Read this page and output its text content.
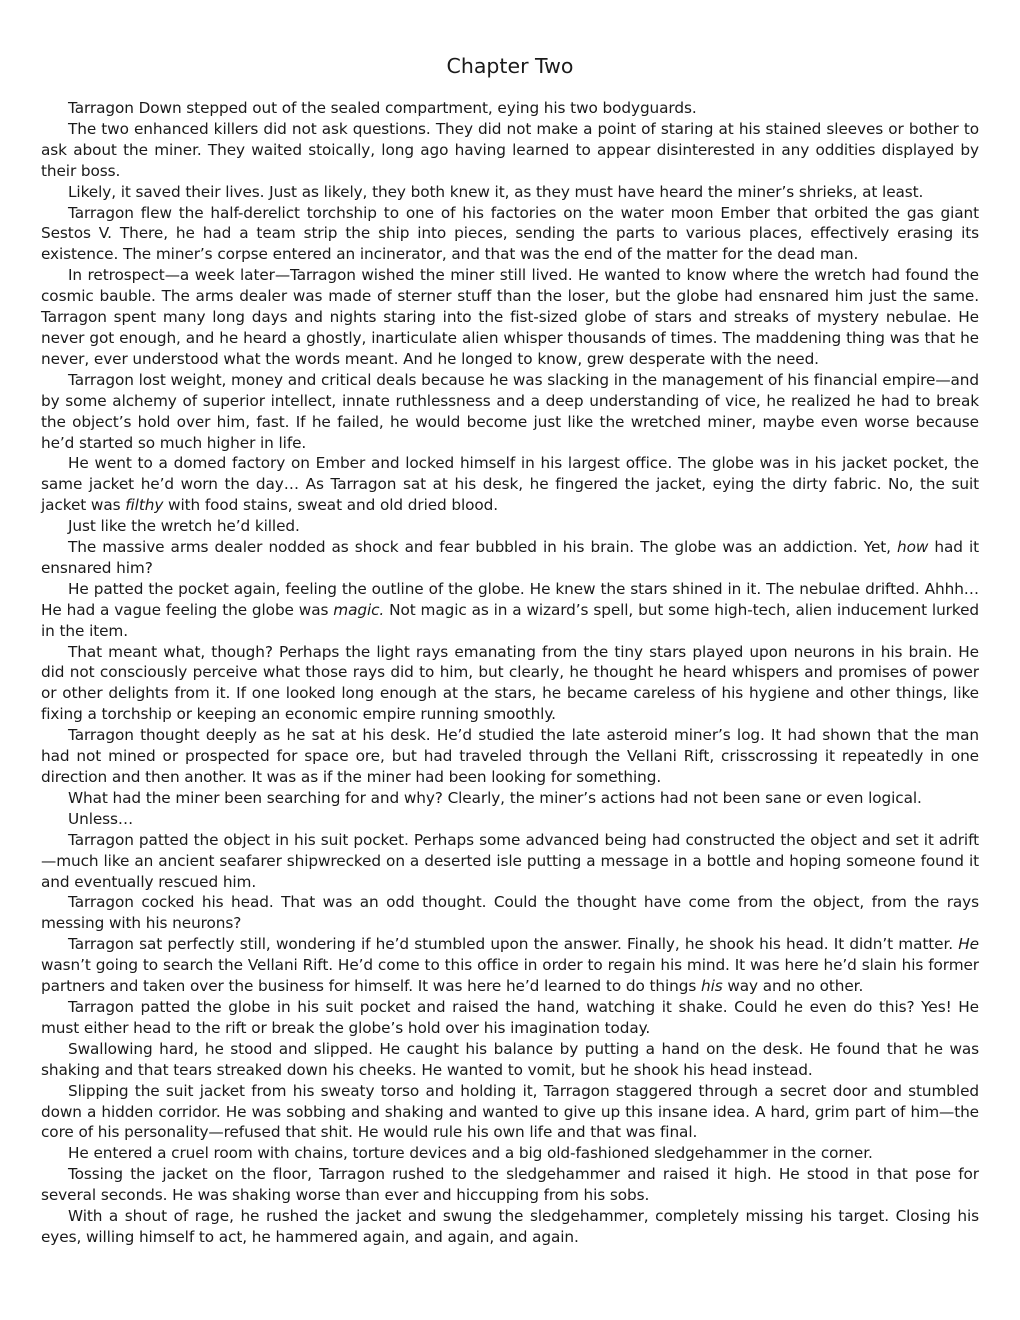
Chapter Two

Tarragon Down stepped out of the sealed compartment, eying his two bodyguards.

The two enhanced killers did not ask questions. They did not make a point of staring at his stained sleeves or bother to ask about the miner. They waited stoically, long ago having learned to appear disinterested in any oddities displayed by their boss.

Likely, it saved their lives. Just as likely, they both knew it, as they must have heard the miner’s shrieks, at least.

Tarragon flew the half-derelict torchship to one of his factories on the water moon Ember that orbited the gas giant Sestos V. There, he had a team strip the ship into pieces, sending the parts to various places, effectively erasing its existence. The miner’s corpse entered an incinerator, and that was the end of the matter for the dead man.

In retrospect—a week later—Tarragon wished the miner still lived. He wanted to know where the wretch had found the cosmic bauble. The arms dealer was made of sterner stuff than the loser, but the globe had ensnared him just the same. Tarragon spent many long days and nights staring into the fist-sized globe of stars and streaks of mystery nebulae. He never got enough, and he heard a ghostly, inarticulate alien whisper thousands of times. The maddening thing was that he never, ever understood what the words meant. And he longed to know, grew desperate with the need.

Tarragon lost weight, money and critical deals because he was slacking in the management of his financial empire—and by some alchemy of superior intellect, innate ruthlessness and a deep understanding of vice, he realized he had to break the object’s hold over him, fast. If he failed, he would become just like the wretched miner, maybe even worse because he’d started so much higher in life.

He went to a domed factory on Ember and locked himself in his largest office. The globe was in his jacket pocket, the same jacket he’d worn the day… As Tarragon sat at his desk, he fingered the jacket, eying the dirty fabric. No, the suit jacket was filthy with food stains, sweat and old dried blood.

Just like the wretch he’d killed.

The massive arms dealer nodded as shock and fear bubbled in his brain. The globe was an addiction. Yet, how had it ensnared him?

He patted the pocket again, feeling the outline of the globe. He knew the stars shined in it. The nebulae drifted. Ahhh… He had a vague feeling the globe was magic. Not magic as in a wizard’s spell, but some high-tech, alien inducement lurked in the item.

That meant what, though? Perhaps the light rays emanating from the tiny stars played upon neurons in his brain. He did not consciously perceive what those rays did to him, but clearly, he thought he heard whispers and promises of power or other delights from it. If one looked long enough at the stars, he became careless of his hygiene and other things, like fixing a torchship or keeping an economic empire running smoothly.

Tarragon thought deeply as he sat at his desk. He’d studied the late asteroid miner’s log. It had shown that the man had not mined or prospected for space ore, but had traveled through the Vellani Rift, crisscrossing it repeatedly in one direction and then another. It was as if the miner had been looking for something.

What had the miner been searching for and why? Clearly, the miner’s actions had not been sane or even logical.

Unless…

Tarragon patted the object in his suit pocket. Perhaps some advanced being had constructed the object and set it adrift—much like an ancient seafarer shipwrecked on a deserted isle putting a message in a bottle and hoping someone found it and eventually rescued him.

Tarragon cocked his head. That was an odd thought. Could the thought have come from the object, from the rays messing with his neurons?

Tarragon sat perfectly still, wondering if he’d stumbled upon the answer. Finally, he shook his head. It didn’t matter. He wasn’t going to search the Vellani Rift. He’d come to this office in order to regain his mind. It was here he’d slain his former partners and taken over the business for himself. It was here he’d learned to do things his way and no other.

Tarragon patted the globe in his suit pocket and raised the hand, watching it shake. Could he even do this? Yes! He must either head to the rift or break the globe’s hold over his imagination today.

Swallowing hard, he stood and slipped. He caught his balance by putting a hand on the desk. He found that he was shaking and that tears streaked down his cheeks. He wanted to vomit, but he shook his head instead.

Slipping the suit jacket from his sweaty torso and holding it, Tarragon staggered through a secret door and stumbled down a hidden corridor. He was sobbing and shaking and wanted to give up this insane idea. A hard, grim part of him—the core of his personality—refused that shit. He would rule his own life and that was final.

He entered a cruel room with chains, torture devices and a big old-fashioned sledgehammer in the corner.

Tossing the jacket on the floor, Tarragon rushed to the sledgehammer and raised it high. He stood in that pose for several seconds. He was shaking worse than ever and hiccupping from his sobs.

With a shout of rage, he rushed the jacket and swung the sledgehammer, completely missing his target. Closing his eyes, willing himself to act, he hammered again, and again, and again.
